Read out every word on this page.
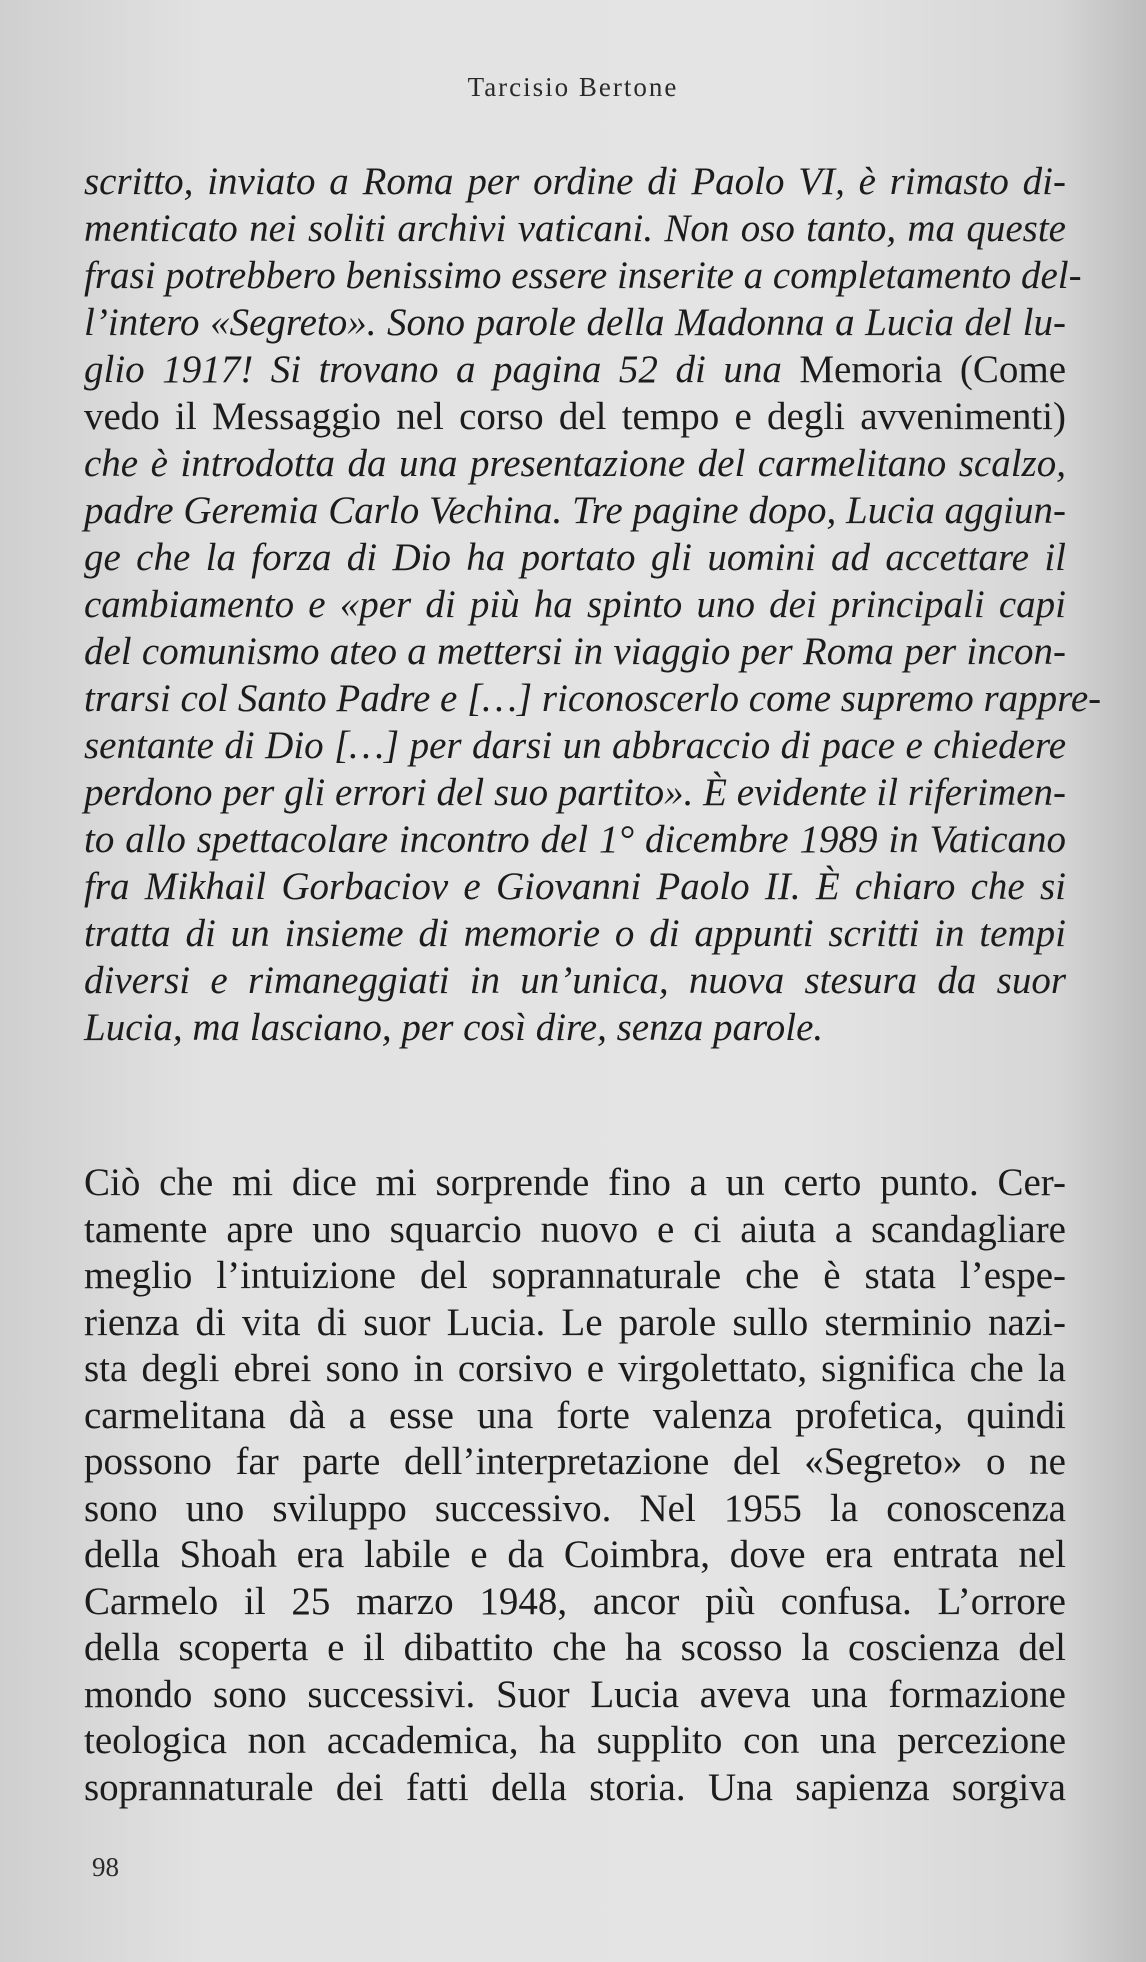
Tarcisio Bertone
scritto, inviato a Roma per ordine di Paolo VI, è rimasto di-
menticato nei soliti archivi vaticani. Non oso tanto, ma queste
frasi potrebbero benissimo essere inserite a completamento del-
l’intero «Segreto». Sono parole della Madonna a Lucia del lu-
glio 1917! Si trovano a pagina 52 di una Memoria (Come
vedo il Messaggio nel corso del tempo e degli avvenimenti)
che è introdotta da una presentazione del carmelitano scalzo,
padre Geremia Carlo Vechina. Tre pagine dopo, Lucia aggiun-
ge che la forza di Dio ha portato gli uomini ad accettare il
cambiamento e «per di più ha spinto uno dei principali capi
del comunismo ateo a mettersi in viaggio per Roma per incon-
trarsi col Santo Padre e […] riconoscerlo come supremo rappre-
sentante di Dio […] per darsi un abbraccio di pace e chiedere
perdono per gli errori del suo partito». È evidente il riferimen-
to allo spettacolare incontro del 1° dicembre 1989 in Vaticano
fra Mikhail Gorbaciov e Giovanni Paolo II. È chiaro che si
tratta di un insieme di memorie o di appunti scritti in tempi
diversi e rimaneggiati in un’unica, nuova stesura da suor
Lucia, ma lasciano, per così dire, senza parole.
Ciò che mi dice mi sorprende fino a un certo punto. Cer-
tamente apre uno squarcio nuovo e ci aiuta a scandagliare
meglio l’intuizione del soprannaturale che è stata l’espe-
rienza di vita di suor Lucia. Le parole sullo sterminio nazi-
sta degli ebrei sono in corsivo e virgolettato, significa che la
carmelitana dà a esse una forte valenza profetica, quindi
possono far parte dell’interpretazione del «Segreto» o ne
sono uno sviluppo successivo. Nel 1955 la conoscenza
della Shoah era labile e da Coimbra, dove era entrata nel
Carmelo il 25 marzo 1948, ancor più confusa. L’orrore
della scoperta e il dibattito che ha scosso la coscienza del
mondo sono successivi. Suor Lucia aveva una formazione
teologica non accademica, ha supplito con una percezione
soprannaturale dei fatti della storia. Una sapienza sorgiva
98
